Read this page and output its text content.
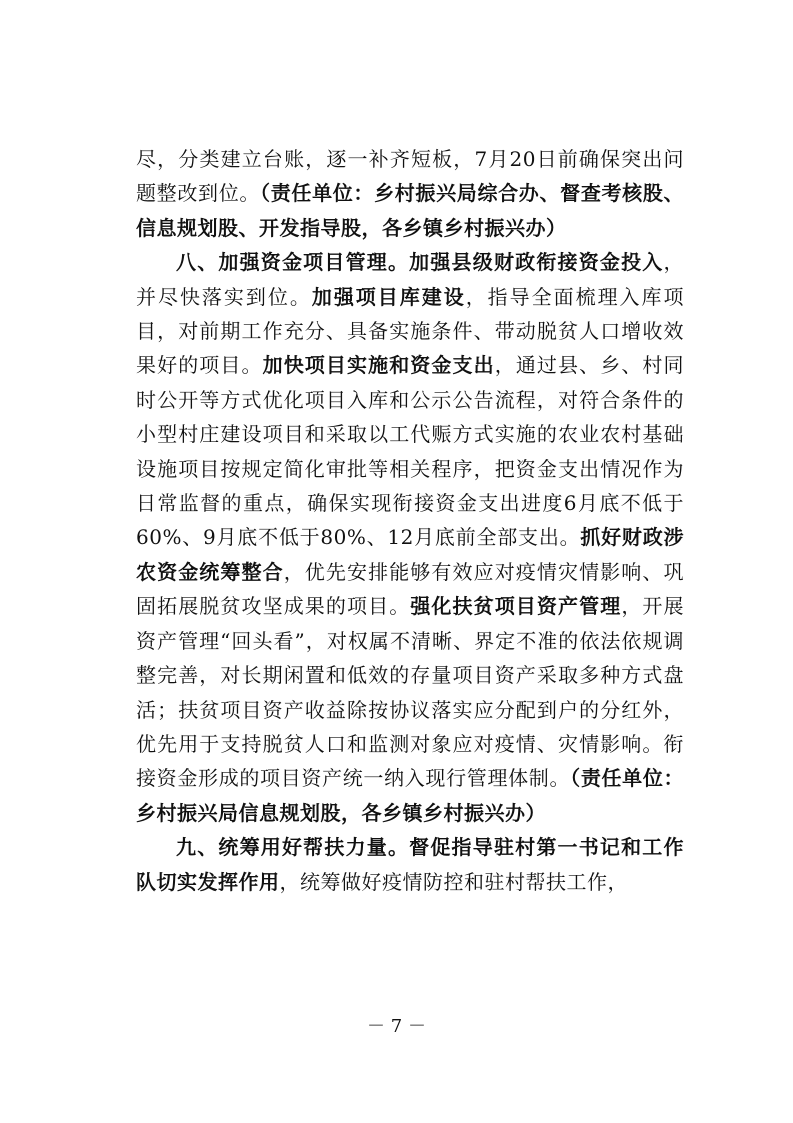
尽，分类建立台账，逐一补齐短板，7月20日前确保突出问题整改到位。（责任单位：乡村振兴局综合办、督查考核股、信息规划股、开发指导股，各乡镇乡村振兴办）

八、加强资金项目管理。加强县级财政衔接资金投入，并尽快落实到位。加强项目库建设，指导全面梳理入库项目，对前期工作充分、具备实施条件、带动脱贫人口增收效果好的项目。加快项目实施和资金支出，通过县、乡、村同时公开等方式优化项目入库和公示公告流程，对符合条件的小型村庄建设项目和采取以工代赈方式实施的农业农村基础设施项目按规定简化审批等相关程序，把资金支出情况作为日常监督的重点，确保实现衔接资金支出进度6月底不低于60%、9月底不低于80%、12月底前全部支出。抓好财政涉农资金统筹整合，优先安排能够有效应对疫情灾情影响、巩固拓展脱贫攻坚成果的项目。强化扶贫项目资产管理，开展资产管理“回头看”，对权属不清晰、界定不准的依法依规调整完善，对长期闲置和低效的存量项目资产采取多种方式盘活；扶贫项目资产收益除按协议落实应分配到户的分红外，优先用于支持脱贫人口和监测对象应对疫情、灾情影响。衔接资金形成的项目资产统一纳入现行管理体制。（责任单位：乡村振兴局信息规划股，各乡镇乡村振兴办）

九、统筹用好帮扶力量。督促指导驻村第一书记和工作队切实发挥作用，统筹做好疫情防控和驻村帮扶工作，

－ 7 －
